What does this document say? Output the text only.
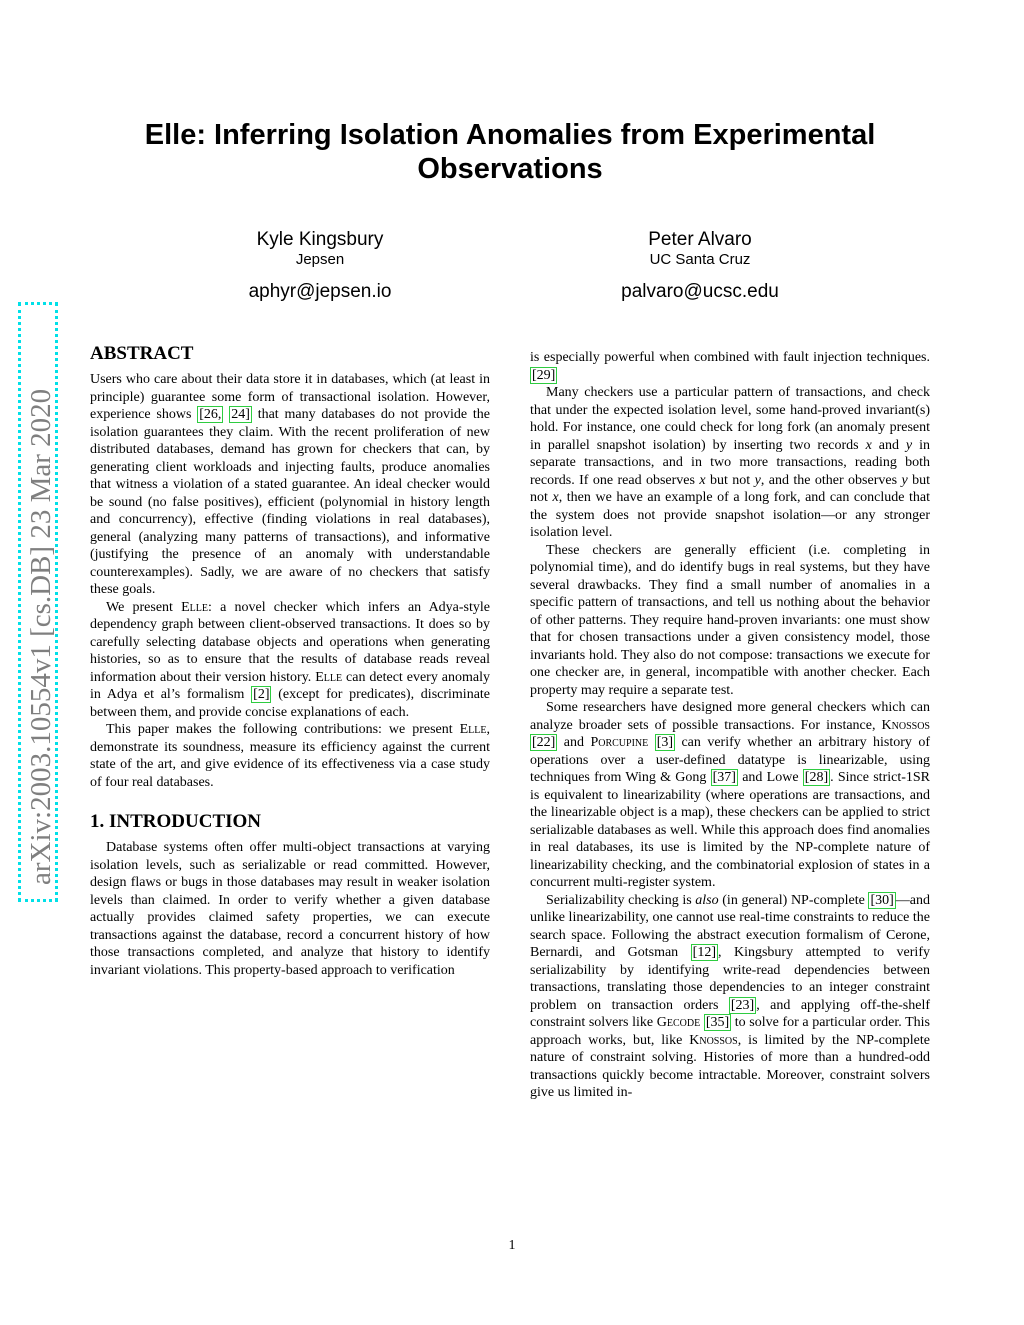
arXiv:2003.10554v1 [cs.DB] 23 Mar 2020
Elle: Inferring Isolation Anomalies from Experimental Observations
Kyle Kingsbury
Jepsen
aphyr@jepsen.io
Peter Alvaro
UC Santa Cruz
palvaro@ucsc.edu
ABSTRACT

Users who care about their data store it in databases, which (at least in principle) guarantee some form of transactional isolation. However, experience shows [26, 24] that many databases do not provide the isolation guarantees they claim. With the recent proliferation of new distributed databases, demand has grown for checkers that can, by generating client workloads and injecting faults, produce anomalies that witness a violation of a stated guarantee. An ideal checker would be sound (no false positives), efficient (polynomial in history length and concurrency), effective (finding violations in real databases), general (analyzing many patterns of transactions), and informative (justifying the presence of an anomaly with understandable counterexamples). Sadly, we are aware of no checkers that satisfy these goals.

We present Elle: a novel checker which infers an Adya-style dependency graph between client-observed transactions. It does so by carefully selecting database objects and operations when generating histories, so as to ensure that the results of database reads reveal information about their version history. Elle can detect every anomaly in Adya et al’s formalism [2] (except for predicates), discriminate between them, and provide concise explanations of each.

This paper makes the following contributions: we present Elle, demonstrate its soundness, measure its efficiency against the current state of the art, and give evidence of its effectiveness via a case study of four real databases.

1. INTRODUCTION

Database systems often offer multi-object transactions at varying isolation levels, such as serializable or read committed. However, design flaws or bugs in those databases may result in weaker isolation levels than claimed. In order to verify whether a given database actually provides claimed safety properties, we can execute transactions against the database, record a concurrent history of how those transactions completed, and analyze that history to identify invariant violations. This property-based approach to verification

is especially powerful when combined with fault injection techniques. [29]

Many checkers use a particular pattern of transactions, and check that under the expected isolation level, some hand-proved invariant(s) hold. For instance, one could check for long fork (an anomaly present in parallel snapshot isolation) by inserting two records x and y in separate transactions, and in two more transactions, reading both records. If one read observes x but not y, and the other observes y but not x, then we have an example of a long fork, and can conclude that the system does not provide snapshot isolation—or any stronger isolation level.

These checkers are generally efficient (i.e. completing in polynomial time), and do identify bugs in real systems, but they have several drawbacks. They find a small number of anomalies in a specific pattern of transactions, and tell us nothing about the behavior of other patterns. They require hand-proven invariants: one must show that for chosen transactions under a given consistency model, those invariants hold. They also do not compose: transactions we execute for one checker are, in general, incompatible with another checker. Each property may require a separate test.

Some researchers have designed more general checkers which can analyze broader sets of possible transactions. For instance, Knossos [22] and Porcupine [3] can verify whether an arbitrary history of operations over a user-defined datatype is linearizable, using techniques from Wing & Gong [37] and Lowe [28] . Since strict-1SR is equivalent to linearizability (where operations are transactions, and the linearizable object is a map), these checkers can be applied to strict serializable databases as well. While this approach does find anomalies in real databases, its use is limited by the NP-complete nature of linearizability checking, and the combinatorial explosion of states in a concurrent multi-register system.

Serializability checking is also (in general) NP-complete [30] —and unlike linearizability, one cannot use real-time constraints to reduce the search space. Following the abstract execution formalism of Cerone, Bernardi, and Gotsman [12] , Kingsbury attempted to verify serializability by identifying write-read dependencies between transactions, translating those dependencies to an integer constraint problem on transaction orders [23] , and applying off-the-shelf constraint solvers like Gecode [35] to solve for a particular order. This approach works, but, like Knossos, is limited by the NP-complete nature of constraint solving. Histories of more than a hundred-odd transactions quickly become intractable. Moreover, constraint solvers give us limited in-

1
